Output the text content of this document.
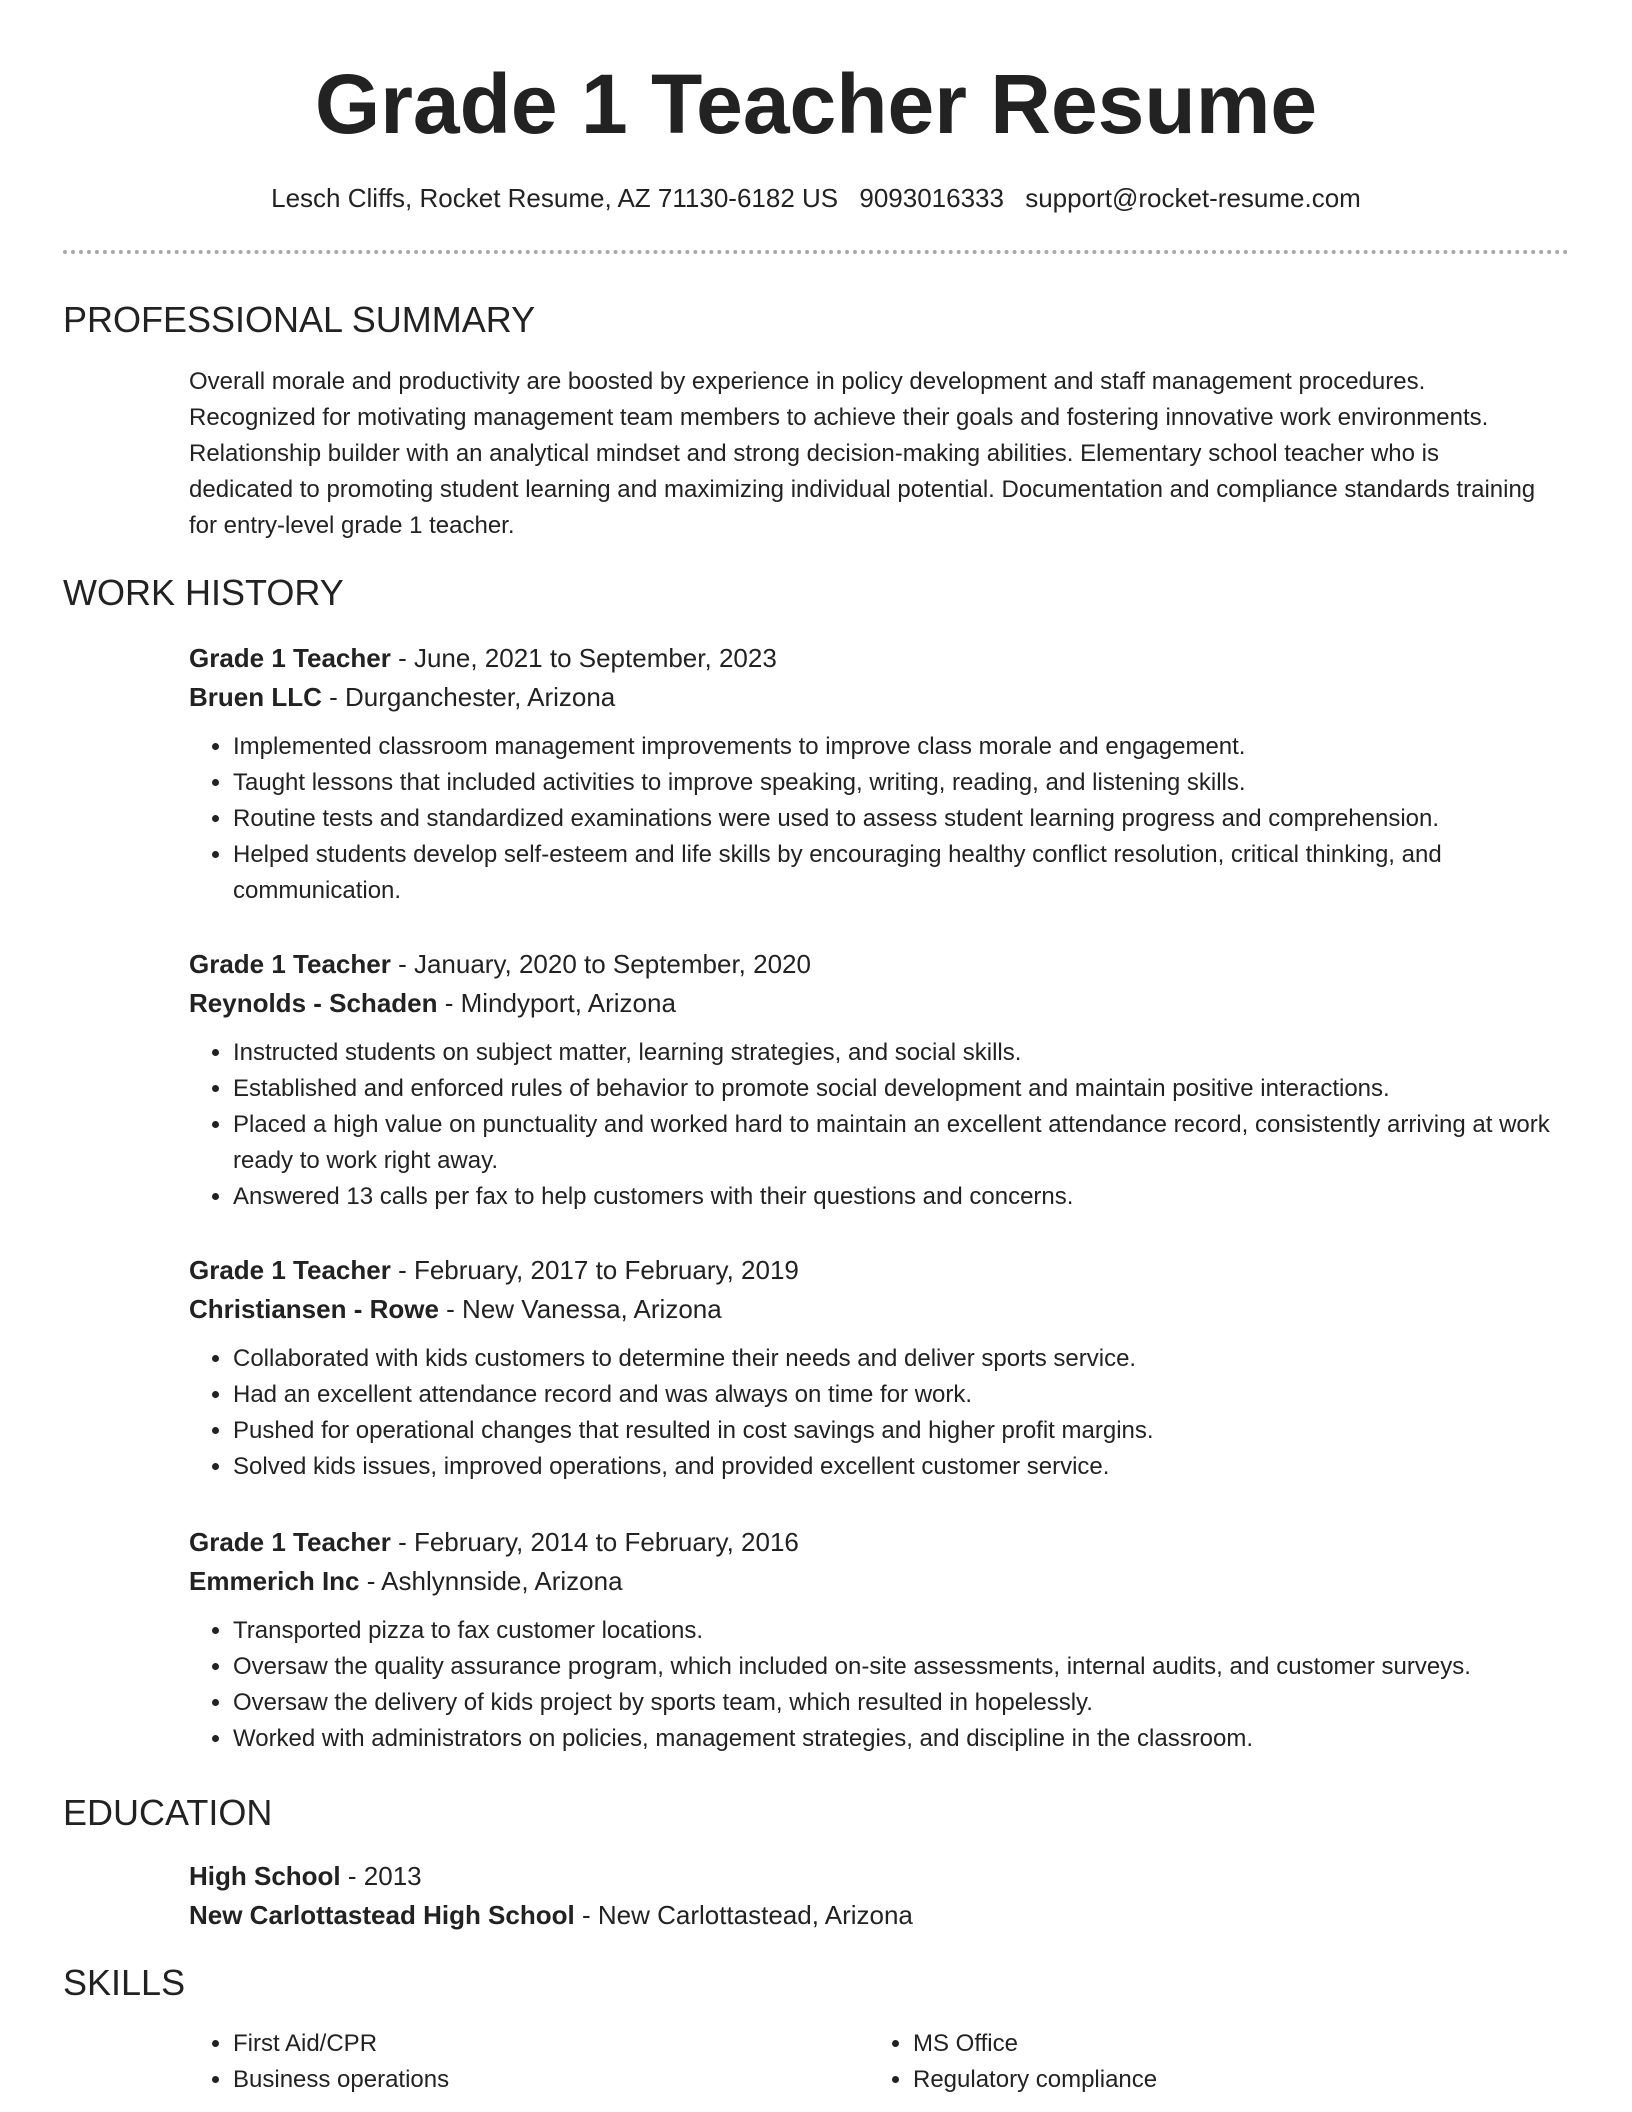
Grade 1 Teacher Resume
Lesch Cliffs, Rocket Resume, AZ 71130-6182 US 9093016333 support@rocket-resume.com
PROFESSIONAL SUMMARY

Overall morale and productivity are boosted by experience in policy development and staff management procedures. Recognized for motivating management team members to achieve their goals and fostering innovative work environments. Relationship builder with an analytical mindset and strong decision-making abilities. Elementary school teacher who is dedicated to promoting student learning and maximizing individual potential. Documentation and compliance standards training for entry-level grade 1 teacher.

WORK HISTORY

Grade 1 Teacher - June, 2021 to September, 2023

Bruen LLC - Durganchester, Arizona

• Implemented classroom management improvements to improve class morale and engagement.
• Taught lessons that included activities to improve speaking, writing, reading, and listening skills.
• Routine tests and standardized examinations were used to assess student learning progress and comprehension.
• Helped students develop self-esteem and life skills by encouraging healthy conflict resolution, critical thinking, and communication.

Grade 1 Teacher - January, 2020 to September, 2020

Reynolds - Schaden - Mindyport, Arizona

• Instructed students on subject matter, learning strategies, and social skills.
• Established and enforced rules of behavior to promote social development and maintain positive interactions.
• Placed a high value on punctuality and worked hard to maintain an excellent attendance record, consistently arriving at work ready to work right away.
• Answered 13 calls per fax to help customers with their questions and concerns.

Grade 1 Teacher - February, 2017 to February, 2019

Christiansen - Rowe - New Vanessa, Arizona

• Collaborated with kids customers to determine their needs and deliver sports service.
• Had an excellent attendance record and was always on time for work.
• Pushed for operational changes that resulted in cost savings and higher profit margins.
• Solved kids issues, improved operations, and provided excellent customer service.

Grade 1 Teacher - February, 2014 to February, 2016

Emmerich Inc - Ashlynnside, Arizona

• Transported pizza to fax customer locations.
• Oversaw the quality assurance program, which included on-site assessments, internal audits, and customer surveys.
• Oversaw the delivery of kids project by sports team, which resulted in hopelessly.
• Worked with administrators on policies, management strategies, and discipline in the classroom.
EDUCATION

High School - 2013

New Carlottastead High School - New Carlottastead, Arizona

SKILLS
• First Aid/CPR
• Business operations
• MS Office
• Regulatory compliance
